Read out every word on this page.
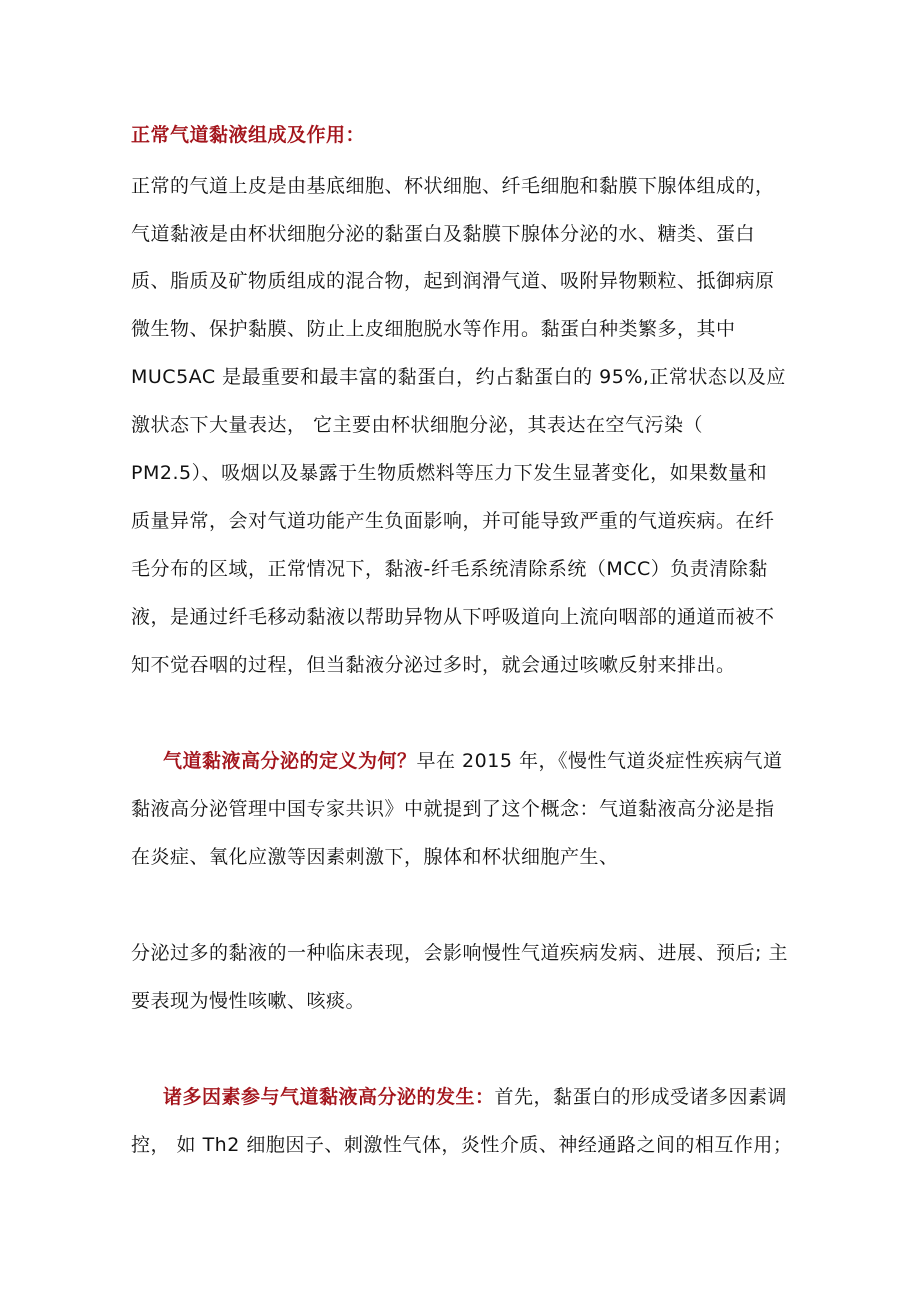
正常气道黏液组成及作用：
正常的气道上皮是由基底细胞、杯状细胞、纤毛细胞和黏膜下腺体组成的，
气道黏液是由杯状细胞分泌的黏蛋白及黏膜下腺体分泌的水、糖类、蛋白
质、脂质及矿物质组成的混合物，起到润滑气道、吸附异物颗粒、抵御病原
微生物、保护黏膜、防止上皮细胞脱水等作用。黏蛋白种类繁多，其中
MUC5AC 是最重要和最丰富的黏蛋白，约占黏蛋白的 95%,正常状态以及应
激状态下大量表达， 它主要由杯状细胞分泌，其表达在空气污染（
PM2.5）、吸烟以及暴露于生物质燃料等压力下发生显著变化，如果数量和
质量异常，会对气道功能产生负面影响，并可能导致严重的气道疾病。在纤
毛分布的区域，正常情况下，黏液-纤毛系统清除系统（MCC）负责清除黏
液，是通过纤毛移动黏液以帮助异物从下呼吸道向上流向咽部的通道而被不
知不觉吞咽的过程，但当黏液分泌过多时，就会通过咳嗽反射来排出。
气道黏液高分泌的定义为何？早在 2015 年，《慢性气道炎症性疾病气道
黏液高分泌管理中国专家共识》中就提到了这个概念：气道黏液高分泌是指
在炎症、氧化应激等因素刺激下，腺体和杯状细胞产生、
分泌过多的黏液的一种临床表现，会影响慢性气道疾病发病、进展、预后; 主
要表现为慢性咳嗽、咳痰。
诸多因素参与气道黏液高分泌的发生：首先，黏蛋白的形成受诸多因素调
控， 如 Th2 细胞因子、刺激性气体，炎性介质、神经通路之间的相互作用；
